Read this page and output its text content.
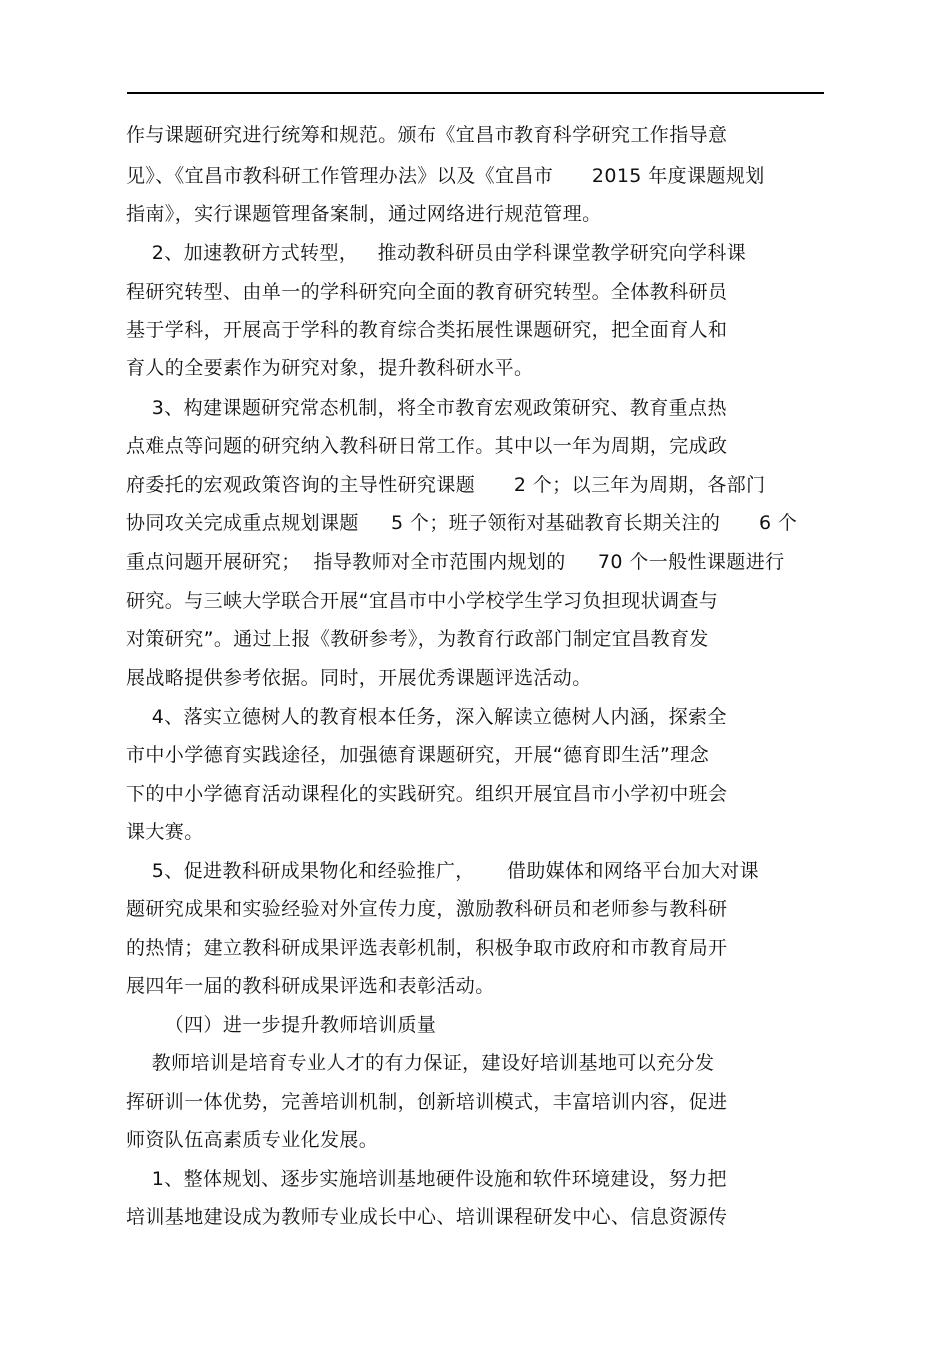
作与课题研究进行统筹和规范。颁布《宜昌市教育科学研究工作指导意
见》、《宜昌市教科研工作管理办法》以及《宜昌市      2015 年度课题规划
指南》，实行课题管理备案制，通过网络进行规范管理。
2、加速教研方式转型，   推动教科研员由学科课堂教学研究向学科课
程研究转型、由单一的学科研究向全面的教育研究转型。全体教科研员
基于学科，开展高于学科的教育综合类拓展性课题研究，把全面育人和
育人的全要素作为研究对象，提升教科研水平。
3、构建课题研究常态机制，将全市教育宏观政策研究、教育重点热
点难点等问题的研究纳入教科研日常工作。其中以一年为周期，完成政
府委托的宏观政策咨询的主导性研究课题      2 个；以三年为周期，各部门
协同攻关完成重点规划课题     5 个；班子领衔对基础教育长期关注的      6 个
重点问题开展研究；  指导教师对全市范围内规划的     70 个一般性课题进行
研究。与三峡大学联合开展“宜昌市中小学校学生学习负担现状调查与
对策研究”。通过上报《教研参考》，为教育行政部门制定宜昌教育发
展战略提供参考依据。同时，开展优秀课题评选活动。
4、落实立德树人的教育根本任务，深入解读立德树人内涵，探索全
市中小学德育实践途径，加强德育课题研究，开展“德育即生活”理念
下的中小学德育活动课程化的实践研究。组织开展宜昌市小学初中班会
课大赛。
5、促进教科研成果物化和经验推广，     借助媒体和网络平台加大对课
题研究成果和实验经验对外宣传力度，激励教科研员和老师参与教科研
的热情；建立教科研成果评选表彰机制，积极争取市政府和市教育局开
展四年一届的教科研成果评选和表彰活动。
（四）进一步提升教师培训质量
教师培训是培育专业人才的有力保证，建设好培训基地可以充分发
挥研训一体优势，完善培训机制，创新培训模式，丰富培训内容，促进
师资队伍高素质专业化发展。
1、整体规划、逐步实施培训基地硬件设施和软件环境建设，努力把
培训基地建设成为教师专业成长中心、培训课程研发中心、信息资源传
